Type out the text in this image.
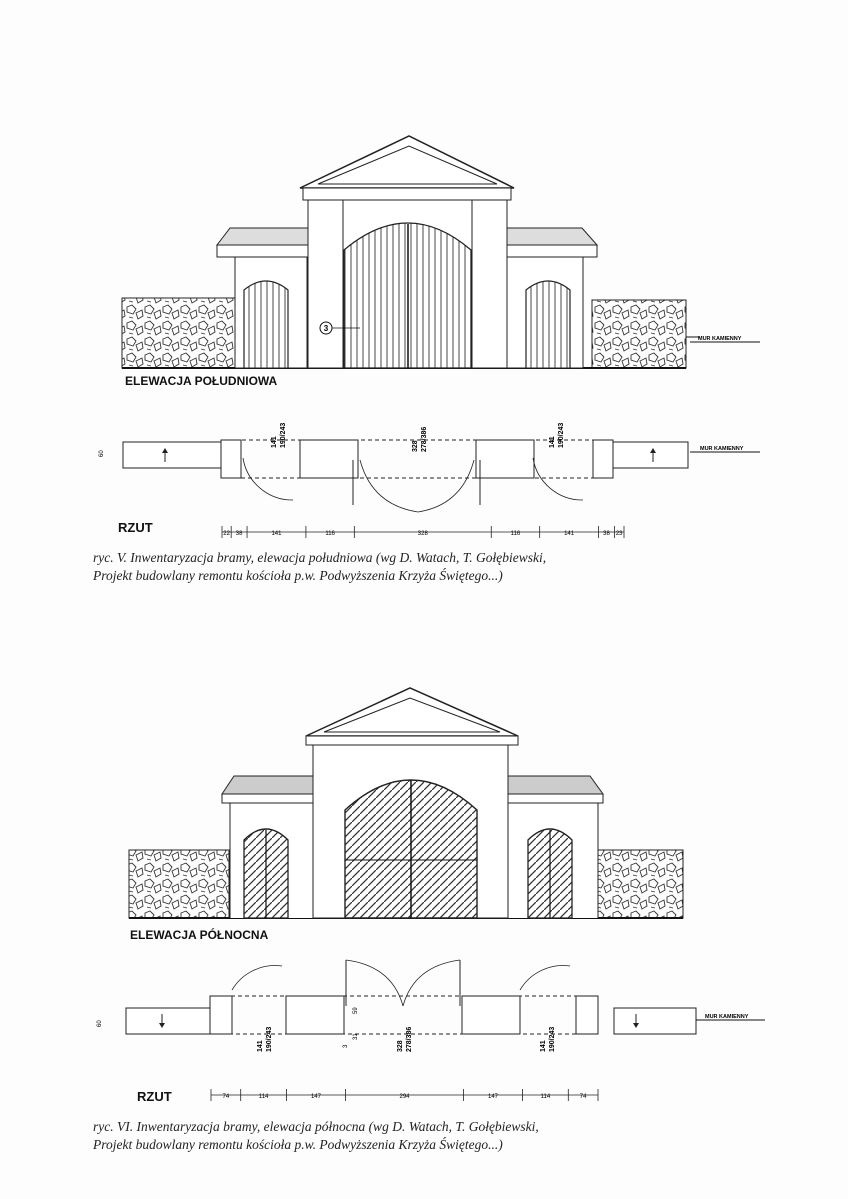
3
MUR KAMIENNY
MUR KAMIENNY
60
141 190/243	328 278/386	141 190/243

ELEWACJA POŁUDNIOWA

RZUT	22 38	141	116	328	116	141	38 23

ryc. V. Inwentaryzacja bramy, elewacja południowa (wg D. Watach, T. Gołębiewski,

Projekt budowlany remontu kościoła p.w. Podwyższenia Krzyża Świętego...)

MUR KAMIENNY
60
141 190/243	328 278/386
59
31
3	141 190/243

ELEWACJA PÓŁNOCNA

RZUT	74	114	147	294	147	114	74

ryc. VI. Inwentaryzacja bramy, elewacja północna (wg D. Watach, T. Gołębiewski,

Projekt budowlany remontu kościoła p.w. Podwyższenia Krzyża Świętego...)
